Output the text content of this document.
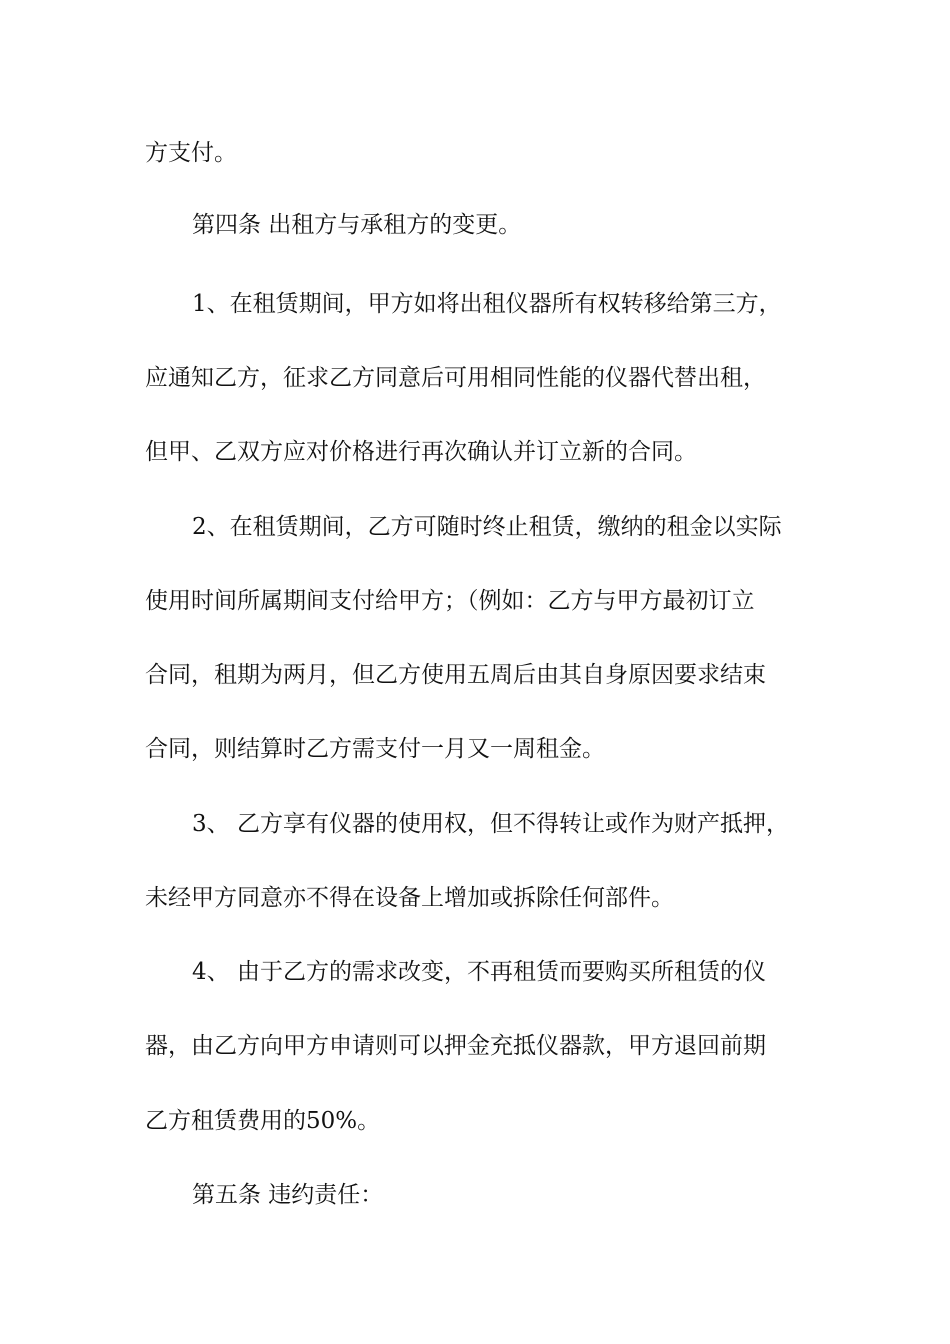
方支付。
第四条 出租方与承租方的变更。
1、在租赁期间，甲方如将出租仪器所有权转移给第三方，
应通知乙方，征求乙方同意后可用相同性能的仪器代替出租，
但甲、乙双方应对价格进行再次确认并订立新的合同。
2、在租赁期间，乙方可随时终止租赁，缴纳的租金以实际
使用时间所属期间支付给甲方；（例如：乙方与甲方最初订立
合同，租期为两月，但乙方使用五周后由其自身原因要求结束
合同，则结算时乙方需支付一月又一周租金。
3、 乙方享有仪器的使用权，但不得转让或作为财产抵押，
未经甲方同意亦不得在设备上增加或拆除任何部件。
4、 由于乙方的需求改变，不再租赁而要购买所租赁的仪
器，由乙方向甲方申请则可以押金充抵仪器款，甲方退回前期
乙方租赁费用的50%。
第五条 违约责任：
